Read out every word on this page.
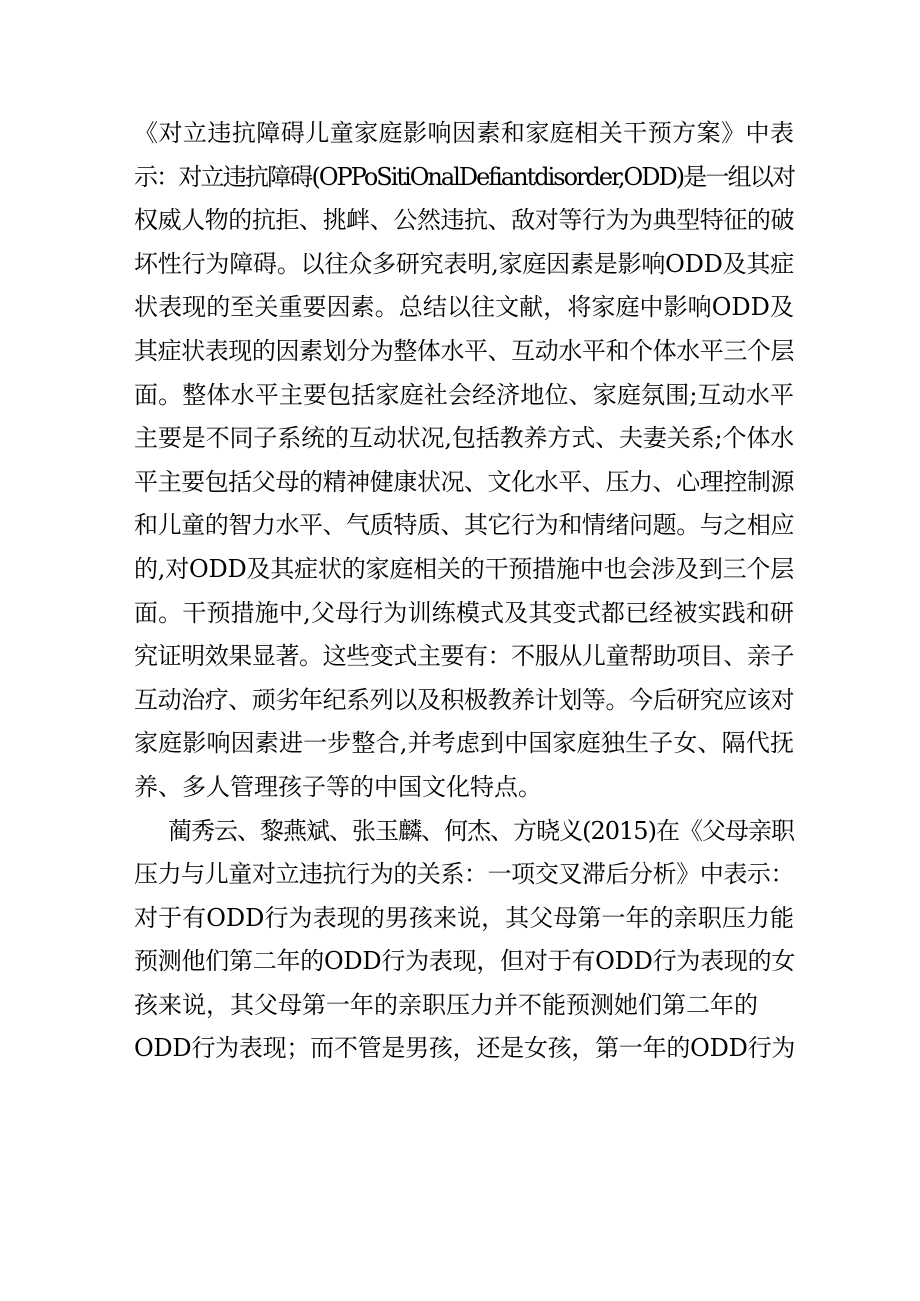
《对立违抗障碍儿童家庭影响因素和家庭相关干预方案》中表
示：对立违抗障碍(OPPoSitiOnalDefiantdisorder,ODD)是一组以对
权威人物的抗拒、挑衅、公然违抗、敌对等行为为典型特征的破
坏性行为障碍。以往众多研究表明,家庭因素是影响ODD及其症
状表现的至关重要因素。总结以往文献，将家庭中影响ODD及
其症状表现的因素划分为整体水平、互动水平和个体水平三个层
面。整体水平主要包括家庭社会经济地位、家庭氛围;互动水平
主要是不同子系统的互动状况,包括教养方式、夫妻关系;个体水
平主要包括父母的精神健康状况、文化水平、压力、心理控制源
和儿童的智力水平、气质特质、其它行为和情绪问题。与之相应
的,对ODD及其症状的家庭相关的干预措施中也会涉及到三个层
面。干预措施中,父母行为训练模式及其变式都已经被实践和研
究证明效果显著。这些变式主要有：不服从儿童帮助项目、亲子
互动治疗、顽劣年纪系列以及积极教养计划等。今后研究应该对
家庭影响因素进一步整合,并考虑到中国家庭独生子女、隔代抚
养、多人管理孩子等的中国文化特点。
蔺秀云、黎燕斌、张玉麟、何杰、方晓义(2015)在《父母亲职
压力与儿童对立违抗行为的关系：一项交叉滞后分析》中表示：
对于有ODD行为表现的男孩来说，其父母第一年的亲职压力能
预测他们第二年的ODD行为表现，但对于有ODD行为表现的女
孩来说，其父母第一年的亲职压力并不能预测她们第二年的
ODD行为表现；而不管是男孩，还是女孩，第一年的ODD行为
